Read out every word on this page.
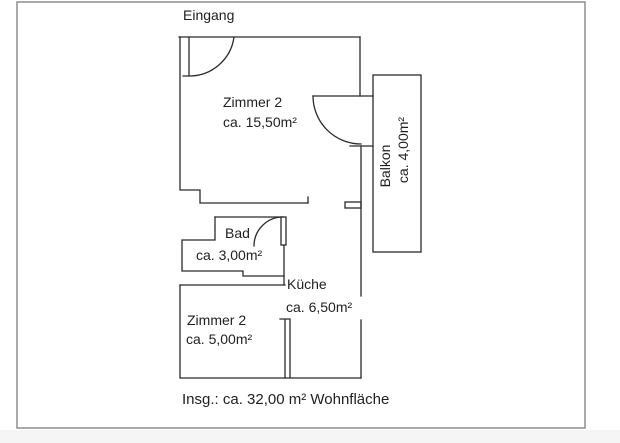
Eingang
Zimmer 2
ca. 15,50m²
Balkon ca. 4,00m²
Bad
ca. 3,00m²
Küche
ca. 6,50m²
Zimmer 2
ca. 5,00m²
Insg.: ca. 32,00 m² Wohnfläche
